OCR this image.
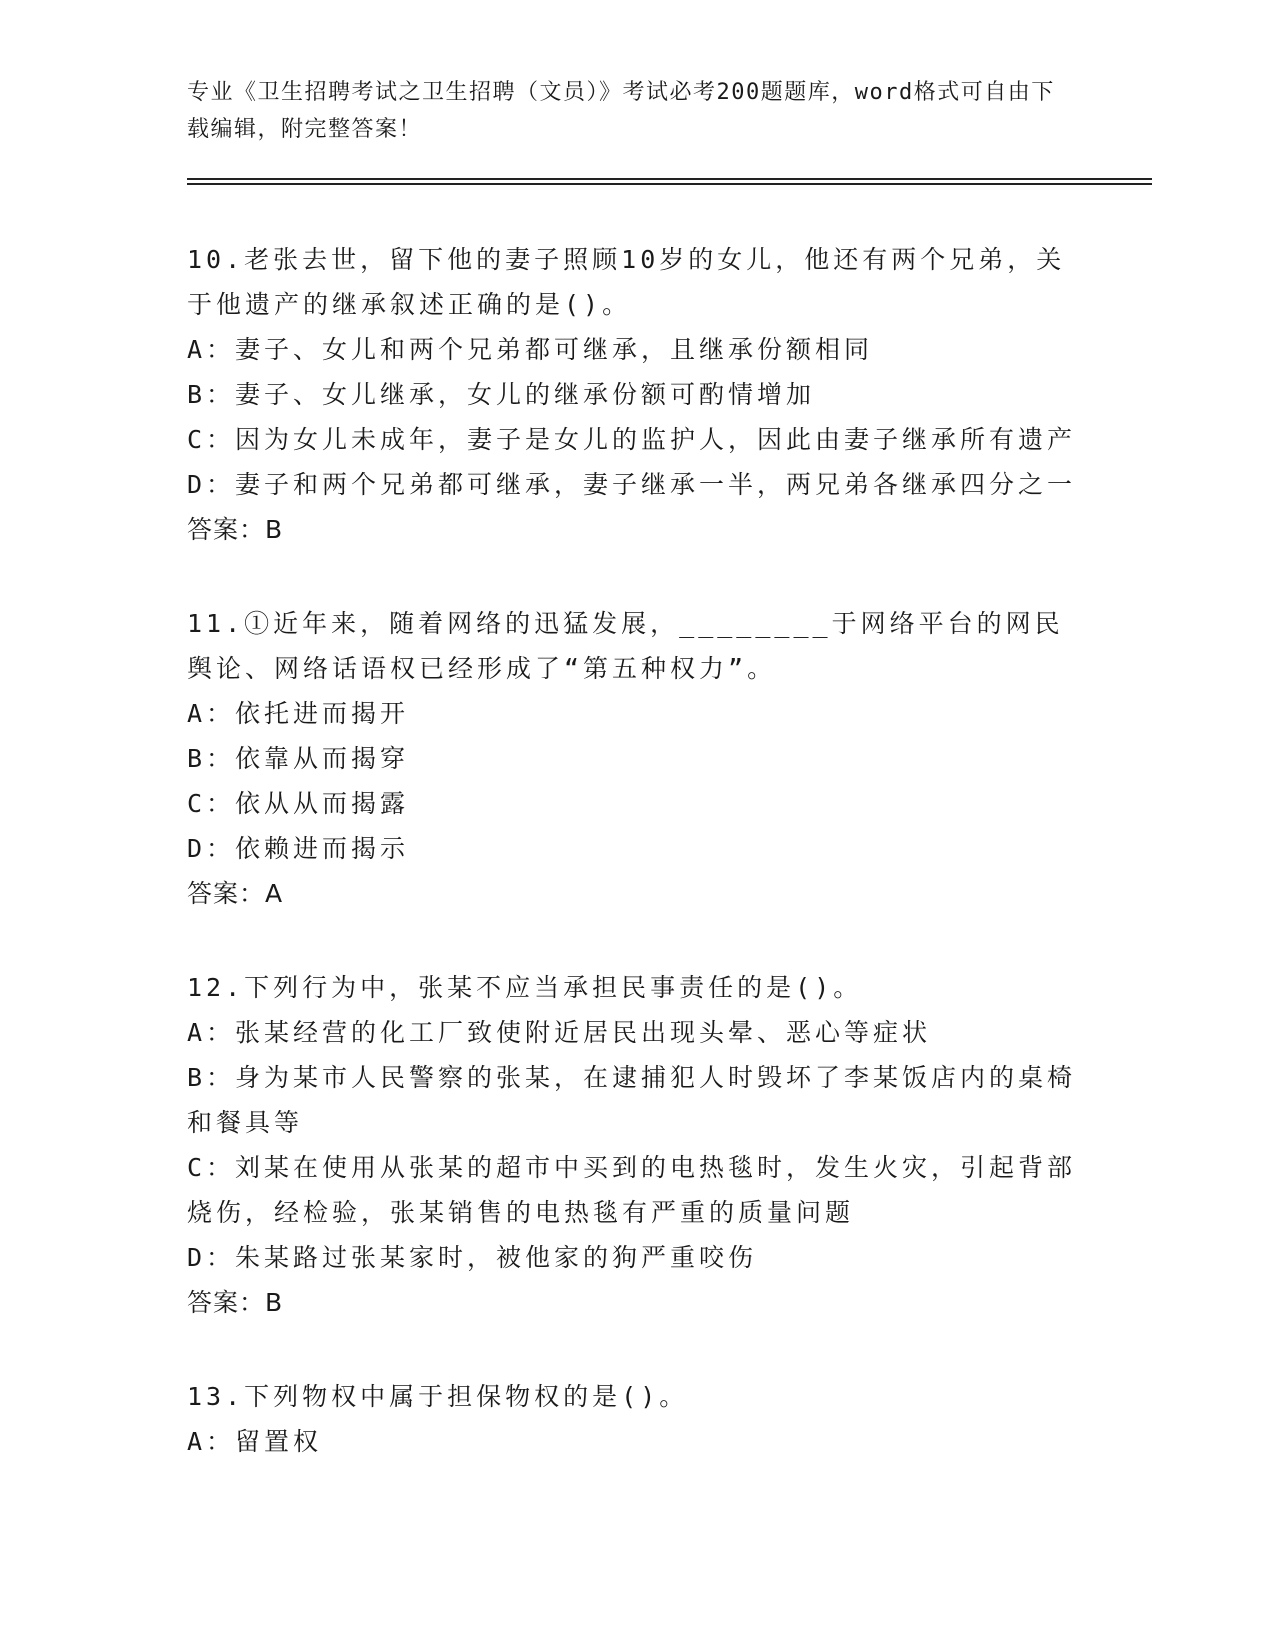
专业《卫生招聘考试之卫生招聘（文员）》考试必考200题题库，word格式可自由下载编辑，附完整答案！
10.老张去世，留下他的妻子照顾10岁的女儿，他还有两个兄弟，关于他遗产的继承叙述正确的是()。
A：妻子、女儿和两个兄弟都可继承，且继承份额相同
B：妻子、女儿继承，女儿的继承份额可酌情增加
C：因为女儿未成年，妻子是女儿的监护人，因此由妻子继承所有遗产
D：妻子和两个兄弟都可继承，妻子继承一半，两兄弟各继承四分之一
答案：B
11.①近年来，随着网络的迅猛发展，________于网络平台的网民舆论、网络话语权已经形成了“第五种权力”。
A：依托进而揭开
B：依靠从而揭穿
C：依从从而揭露
D：依赖进而揭示
答案：A
12.下列行为中，张某不应当承担民事责任的是()。
A：张某经营的化工厂致使附近居民出现头晕、恶心等症状
B：身为某市人民警察的张某，在逮捕犯人时毁坏了李某饭店内的桌椅和餐具等
C：刘某在使用从张某的超市中买到的电热毯时，发生火灾，引起背部烧伤，经检验，张某销售的电热毯有严重的质量问题
D：朱某路过张某家时，被他家的狗严重咬伤
答案：B
13.下列物权中属于担保物权的是()。
A：留置权
